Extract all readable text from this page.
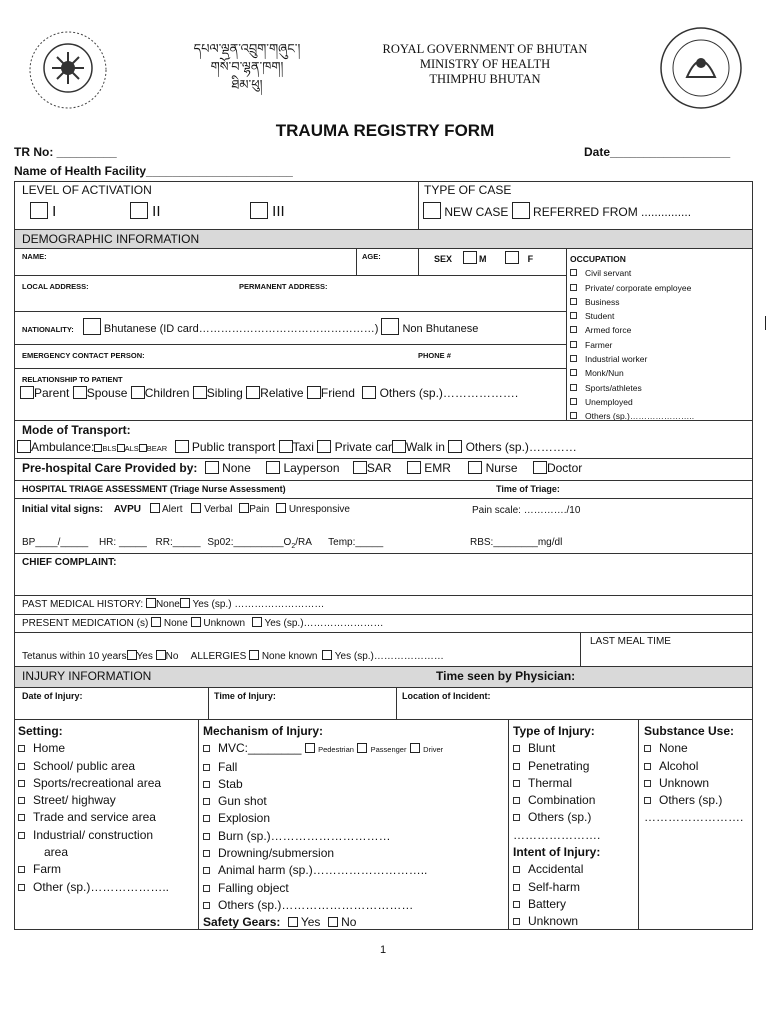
དཔལ་ལྡན་འབྲུག་གཞུང་།
གསོ་བ་ལྷན་ཁག།
ཐིམ་ཕུ།
ROYAL GOVERNMENT OF BHUTAN
MINISTRY OF HEALTH
THIMPHU BHUTAN
TRAUMA REGISTRY FORM
TR No: _________	Date__________________
Name of Health Facility______________________
LEVEL OF ACTIVATION
I	II	III
TYPE OF CASE
NEW CASE REFERRED FROM ...............
DEMOGRAPHIC INFORMATION
NAME:	AGE:	SEX	M	F
LOCAL ADDRESS:	PERMANENT ADDRESS:
NATIONALITY:	Bhutanese (ID card…………………………………………) Non Bhutanese
EMERGENCY CONTACT PERSON:	PHONE #
RELATIONSHIP TO PATIENT
Parent Spouse Children Sibling Relative Friend Others (sp.)……………….
OCCUPATION
Civil servant
Private/ corporate employee
Business
Student
Armed force
Farmer
Industrial worker
Monk/Nun
Sports/athletes
Unemployed
Others (sp.)…………………..
Mode of Transport:
Ambulance: BLS ALS BEAR Public transport Taxi Private car Walk in Others (sp.)…………
Pre-hospital Care Provided by: None	Layperson SAR	EMR	Nurse Doctor
HOSPITAL TRIAGE ASSESSMENT (Triage Nurse Assessment)	Time of Triage:
Initial vital signs: AVPU Alert Verbal Pain Unresponsive	Pain scale: …………./10
BP____/_____ HR: _____ RR:_____ $Sp02:\_\_\_\_\_\_\_\_\_O_2/RA$ Temp:_____	RBS:________mg/dl
CHIEF COMPLAINT:
PAST MEDICAL HISTORY: None Yes (sp.) ………………………
PRESENT MEDICATION (s) None Unknown Yes (sp.)……………………
LAST MEAL TIME
Tetanus within 10 years Yes No ALLERGIES None known Yes (sp.)…………………
INJURY INFORMATION	Time seen by Physician:
Date of Injury:	Time of Injury:	Location of Incident:
Setting:
Home
School/ public area
Sports/recreational area
Street/ highway
Trade and service area
Industrial/ construction
area
Farm
Other (sp.)………………..
Mechanism of Injury:
MVC:________ Pedestrian Passenger Driver
Fall
Stab
Gun shot
Explosion
Burn (sp.)…………………………
Drowning/submersion
Animal harm (sp.)………………………..
Falling object
Others (sp.)……………………………
Safety Gears: Yes No
Type of Injury:
Blunt
Penetrating
Thermal
Combination
Others (sp.)
………………….
Intent of Injury:
Accidental
Self-harm
Battery
Unknown
Substance Use:
None
Alcohol
Unknown
Others (sp.)
…………………….
1
